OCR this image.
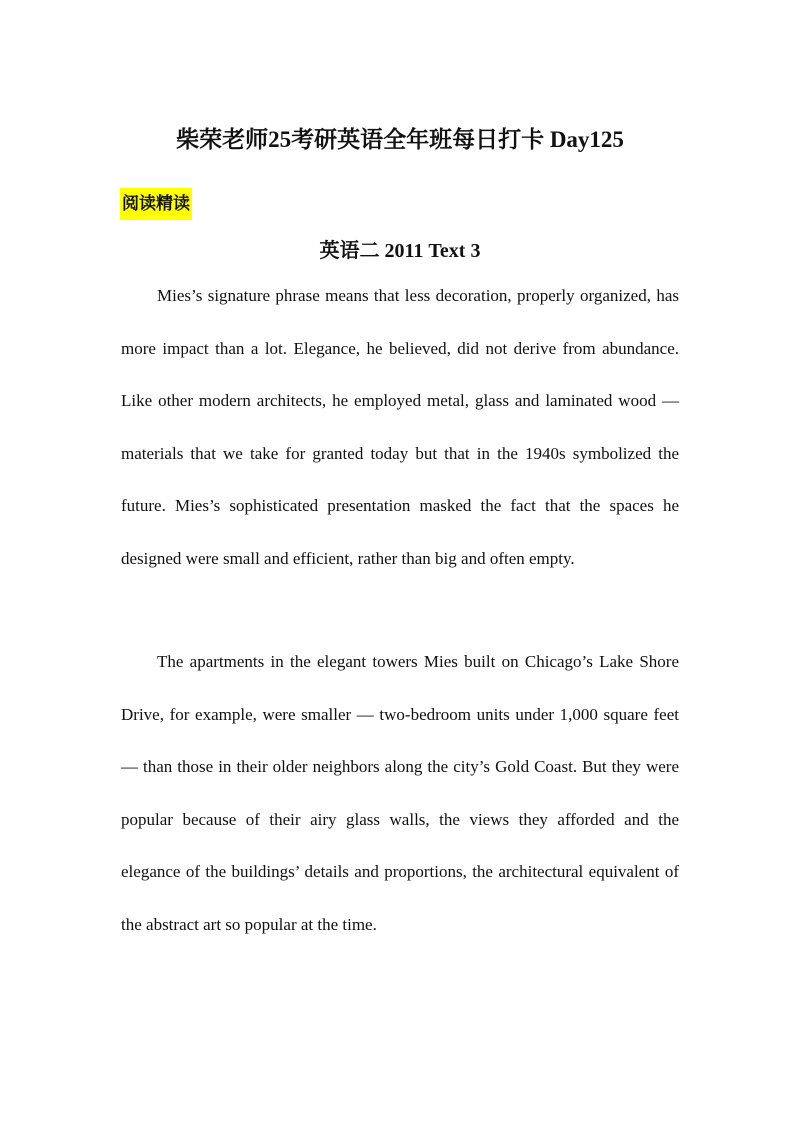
柴荣老师25考研英语全年班每日打卡 Day125
阅读精读
英语二 2011 Text 3

Mies’s signature phrase means that less decoration, properly organized, has more impact than a lot. Elegance, he believed, did not derive from abundance. Like other modern architects, he employed metal, glass and laminated wood — materials that we take for granted today but that in the 1940s symbolized the future. Mies’s sophisticated presentation masked the fact that the spaces he designed were small and efficient, rather than big and often empty.

The apartments in the elegant towers Mies built on Chicago’s Lake Shore Drive, for example, were smaller — two-bedroom units under 1,000 square feet — than those in their older neighbors along the city’s Gold Coast. But they were popular because of their airy glass walls, the views they afforded and the elegance of the buildings’ details and proportions, the architectural equivalent of the abstract art so popular at the time.
